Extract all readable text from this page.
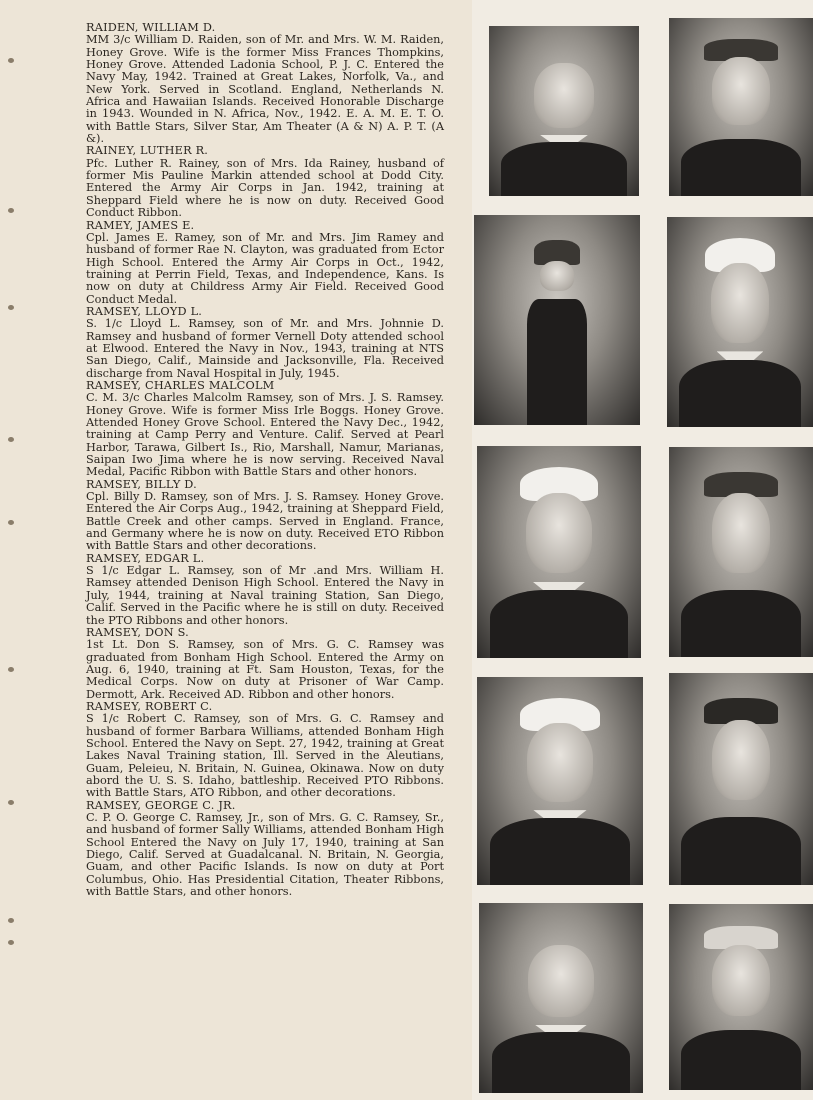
RAIDEN, WILLIAM D.
MM 3/c William D. Raiden, son of Mr. and Mrs. W. M. Raiden, Honey Grove. Wife is the former Miss Frances Thompkins, Honey Grove. Attended Ladonia School, P. J. C. Entered the Navy May, 1942. Trained at Great Lakes, Norfolk, Va., and New York. Served in Scotland. England, Netherlands N. Africa and Hawaiian Islands. Received Honorable Discharge in 1943. Wounded in N. Africa, Nov., 1942. E. A. M. E. T. O. with Battle Stars, Silver Star, Am Theater (A & N) A. P. T. (A &).
RAINEY, LUTHER R.
Pfc. Luther R. Rainey, son of Mrs. Ida Rainey, husband of former Mis Pauline Markin attended school at Dodd City. Entered the Army Air Corps in Jan. 1942, training at Sheppard Field where he is now on duty. Received Good Conduct Ribbon.
RAMEY, JAMES E.
Cpl. James E. Ramey, son of Mr. and Mrs. Jim Ramey and husband of former Rae N. Clayton, was graduated from Ector High School. Entered the Army Air Corps in Oct., 1942, training at Perrin Field, Texas, and Independence, Kans. Is now on duty at Childress Army Air Field. Received Good Conduct Medal.
RAMSEY, LLOYD L.
S. 1/c Lloyd L. Ramsey, son of Mr. and Mrs. Johnnie D. Ramsey and husband of former Vernell Doty attended school at Elwood. Entered the Navy in Nov., 1943, training at NTS San Diego, Calif., Mainside and Jacksonville, Fla. Received discharge from Naval Hospital in July, 1945.
RAMSEY, CHARLES MALCOLM
C. M. 3/c Charles Malcolm Ramsey, son of Mrs. J. S. Ramsey. Honey Grove. Wife is former Miss Irle Boggs. Honey Grove. Attended Honey Grove School. Entered the Navy Dec., 1942, training at Camp Perry and Venture. Calif. Served at Pearl Harbor, Tarawa, Gilbert Is., Rio, Marshall, Namur, Marianas, Saipan Iwo Jima where he is now serving. Received Naval Medal, Pacific Ribbon with Battle Stars and other honors.
RAMSEY, BILLY D.
Cpl. Billy D. Ramsey, son of Mrs. J. S. Ramsey. Honey Grove. Entered the Air Corps Aug., 1942, training at Sheppard Field, Battle Creek and other camps. Served in England. France, and Germany where he is now on duty. Received ETO Ribbon with Battle Stars and other decorations.
RAMSEY, EDGAR L.
S 1/c Edgar L. Ramsey, son of Mr .and Mrs. William H. Ramsey attended Denison High School. Entered the Navy in July, 1944, training at Naval training Station, San Diego, Calif. Served in the Pacific where he is still on duty. Received the PTO Ribbons and other honors.
RAMSEY, DON S.
1st Lt. Don S. Ramsey, son of Mrs. G. C. Ramsey was graduated from Bonham High School. Entered the Army on Aug. 6, 1940, training at Ft. Sam Houston, Texas, for the Medical Corps. Now on duty at Prisoner of War Camp. Dermott, Ark. Received AD. Ribbon and other honors.
RAMSEY, ROBERT C.
S 1/c Robert C. Ramsey, son of Mrs. G. C. Ramsey and husband of former Barbara Williams, attended Bonham High School. Entered the Navy on Sept. 27, 1942, training at Great Lakes Naval Training station, Ill. Served in the Aleutians, Guam, Peleieu, N. Britain, N. Guinea, Okinawa. Now on duty abord the U. S. S. Idaho, battleship. Received PTO Ribbons. with Battle Stars, ATO Ribbon, and other decorations.
RAMSEY, GEORGE C. JR.
C. P. O. George C. Ramsey, Jr., son of Mrs. G. C. Ramsey, Sr., and husband of former Sally Williams, attended Bonham High School Entered the Navy on July 17, 1940, training at San Diego, Calif. Served at Guadalcanal. N. Britain, N. Georgia, Guam, and other Pacific Islands. Is now on duty at Port Columbus, Ohio. Has Presidential Citation, Theater Ribbons, with Battle Stars, and other honors.
